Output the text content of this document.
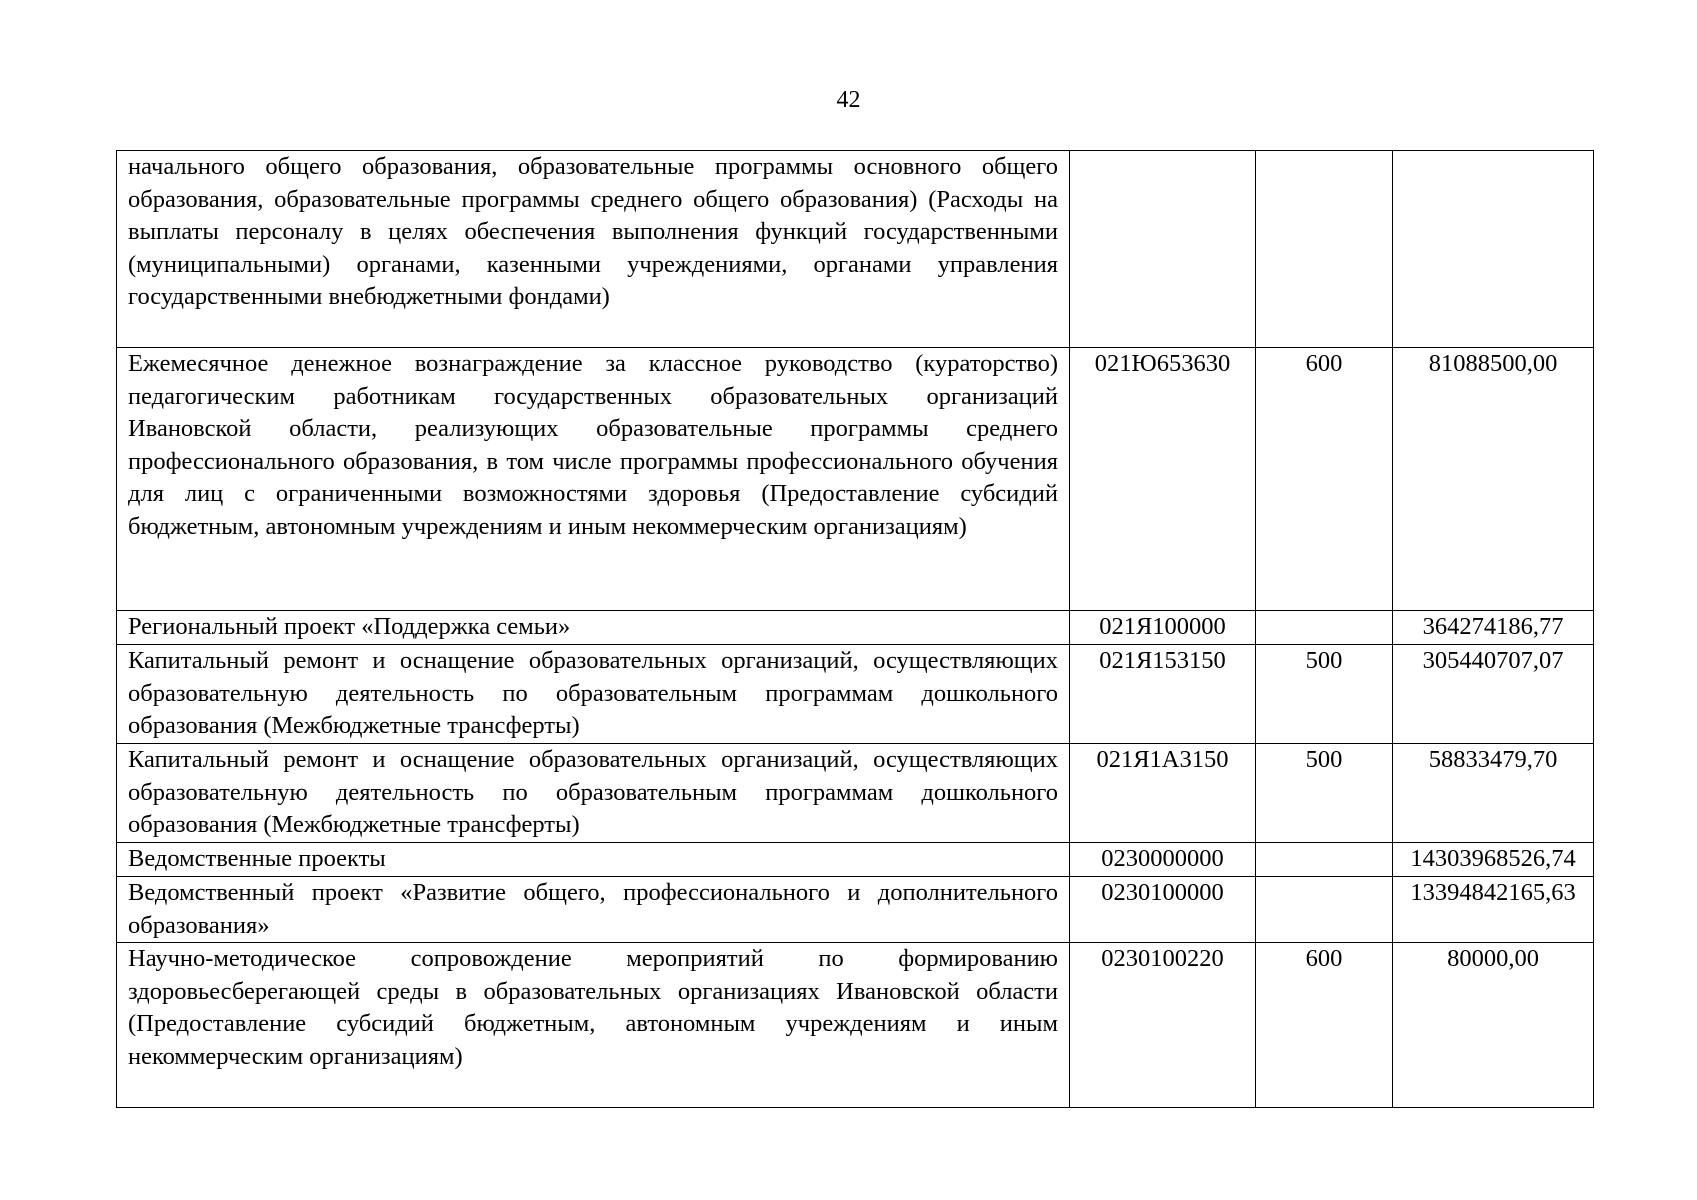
42
начального общего образования, образовательные программы основного общего образования, образовательные программы среднего общего образования) (Расходы на выплаты персоналу в целях обеспечения выполнения функций государственными (муниципальными) органами, казенными учреждениями, органами управления государственными внебюджетными фондами)			
Ежемесячное денежное вознаграждение за классное руководство (кураторство) педагогическим работникам государственных образовательных организаций Ивановской области, реализующих образовательные программы среднего профессионального образования, в том числе программы профессионального обучения для лиц с ограниченными возможностями здоровья (Предоставление субсидий бюджетным, автономным учреждениям и иным некоммерческим организациям)	021Ю653630	600	81088500,00
Региональный проект «Поддержка семьи»	021Я100000		364274186,77
Капитальный ремонт и оснащение образовательных организаций, осуществляющих образовательную деятельность по образовательным программам дошкольного образования (Межбюджетные трансферты)	021Я153150	500	305440707,07
Капитальный ремонт и оснащение образовательных организаций, осуществляющих образовательную деятельность по образовательным программам дошкольного образования (Межбюджетные трансферты)	021Я1А3150	500	58833479,70
Ведомственные проекты	0230000000		14303968526,74
Ведомственный проект «Развитие общего, профессионального и дополнительного образования»	0230100000		13394842165,63
Научно-методическое сопровождение мероприятий по формированию здоровьесберегающей среды в образовательных организациях Ивановской области (Предоставление субсидий бюджетным, автономным учреждениям и иным некоммерческим организациям)	0230100220	600	80000,00
